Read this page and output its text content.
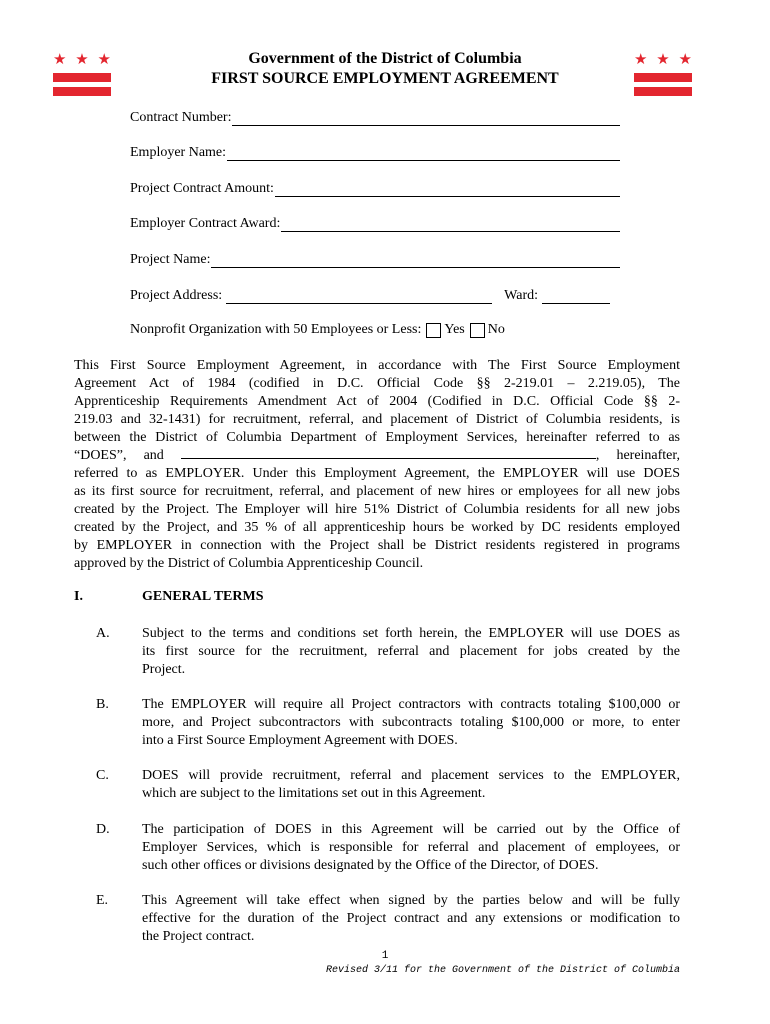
★ ★ ★	★ ★ ★
Government of the District of Columbia
FIRST SOURCE EMPLOYMENT AGREEMENT
Contract Number:
Employer Name:
Project Contract Amount:
Employer Contract Award:
Project Name:
Project Address:	Ward:
Nonprofit Organization with 50 Employees or Less: Yes No

This First Source Employment Agreement, in accordance with The First Source Employment

Agreement Act of 1984 (codified in D.C. Official Code §§ 2-219.01 – 2.219.05), The

Apprenticeship Requirements Amendment Act of 2004 (Codified in D.C. Official Code §§ 2-

219.03 and 32-1431) for recruitment, referral, and placement of District of Columbia residents, is

between the District of Columbia Department of Employment Services, hereinafter referred to as

“DOES”, and	, hereinafter,

referred to as EMPLOYER. Under this Employment Agreement, the EMPLOYER will use DOES

as its first source for recruitment, referral, and placement of new hires or employees for all new jobs

created by the Project. The Employer will hire 51% District of Columbia residents for all new jobs

created by the Project, and 35 % of all apprenticeship hours be worked by DC residents employed

by EMPLOYER in connection with the Project shall be District residents registered in programs

approved by the District of Columbia Apprenticeship Council.

I.	GENERAL TERMS
A. Subject to the terms and conditions set forth herein, the EMPLOYER will use DOES as

its first source for the recruitment, referral and placement for jobs created by the

Project.

B. The EMPLOYER will require all Project contractors with contracts totaling $100,000 or

more, and Project subcontractors with subcontracts totaling $100,000 or more, to enter

into a First Source Employment Agreement with DOES.

C. DOES will provide recruitment, referral and placement services to the EMPLOYER,

which are subject to the limitations set out in this Agreement.

D. The participation of DOES in this Agreement will be carried out by the Office of

Employer Services, which is responsible for referral and placement of employees, or

such other offices or divisions designated by the Office of the Director, of DOES.

E. This Agreement will take effect when signed by the parties below and will be fully

effective for the duration of the Project contract and any extensions or modification to

the Project contract.

1
Revised 3/11 for the Government of the District of Columbia
